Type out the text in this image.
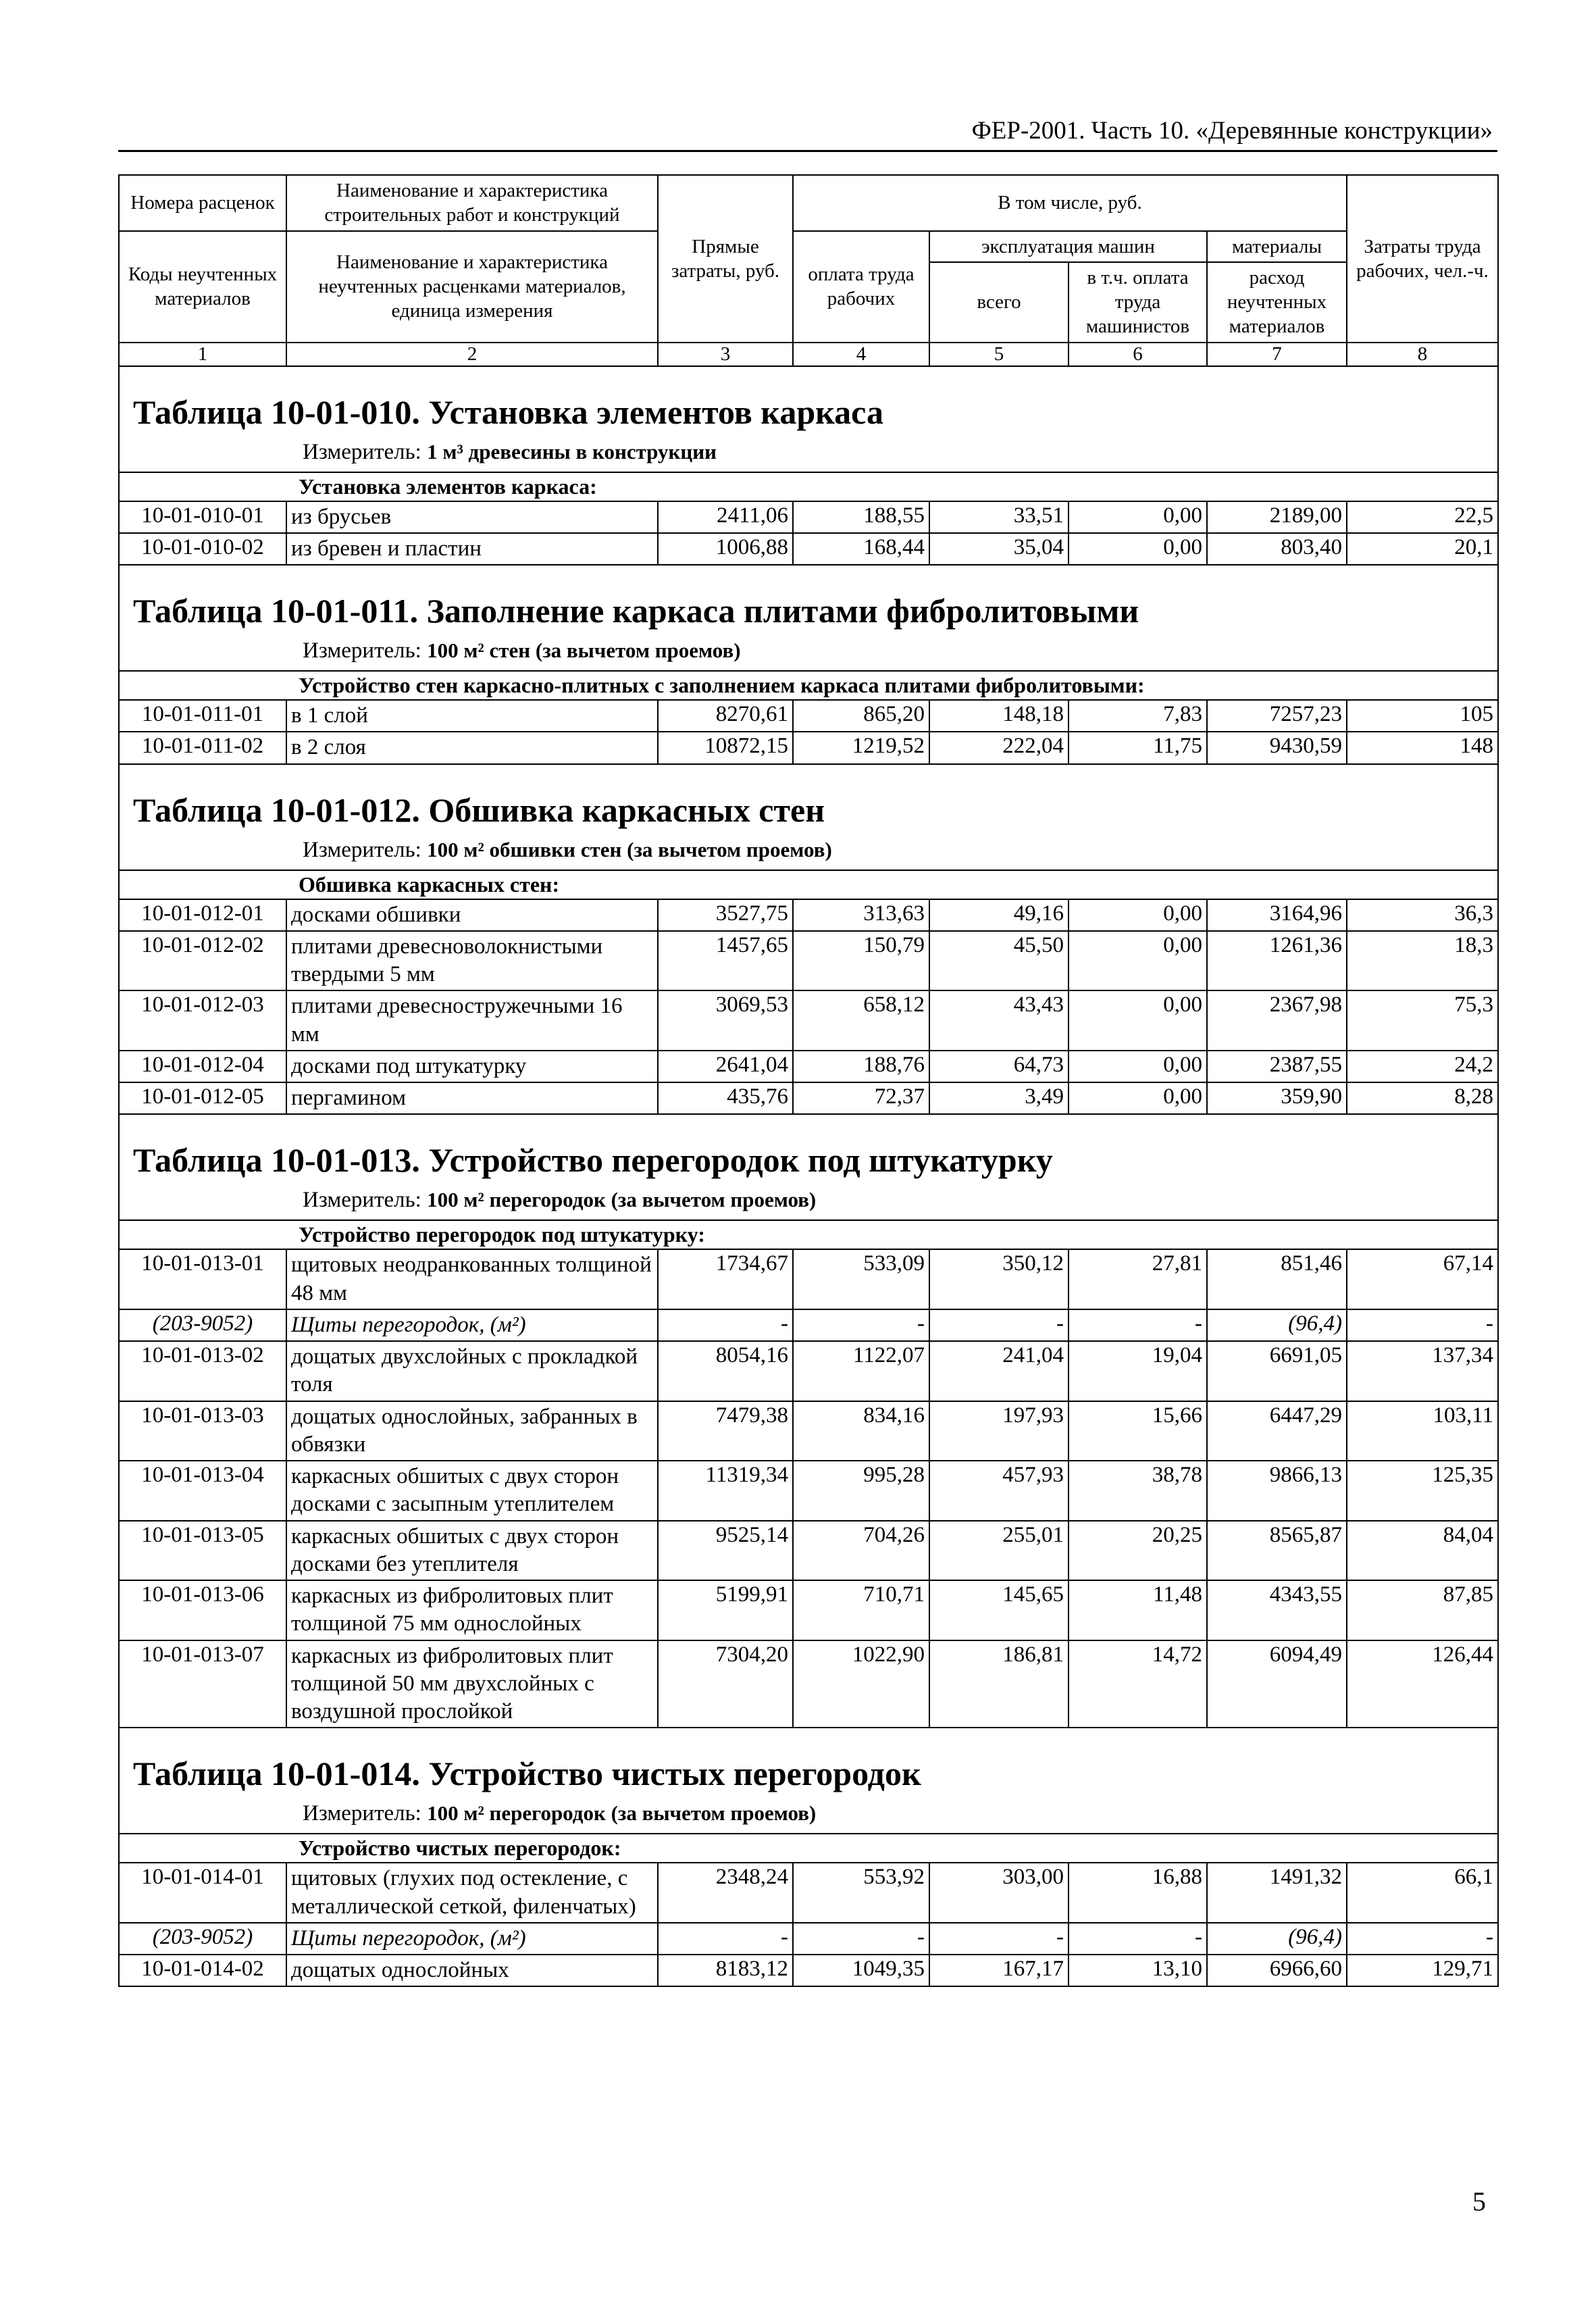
ФЕР-2001. Часть 10. «Деревянные конструкции»
Номера расценок	Наименование и характеристика строительных работ и конструкций	Прямые затраты, руб.	В том числе, руб.				Затраты труда рабочих, чел.-ч.
Коды неучтенных материалов	Наименование и характеристика неучтенных расценками материалов, единица измерения		оплата труда рабочих	эксплуатация машин		материалы	
				всего	в т.ч. оплата труда машинистов	расход неучтенных материалов	
1	2	3	4	5	6	7	8
Таблица 10-01-010. Установка элементов каркаса							
Измеритель: 1 м³ древесины в конструкции							
Установка элементов каркаса:							
10-01-010-01	из брусьев	2411,06	188,55	33,51	0,00	2189,00	22,5
10-01-010-02	из бревен и пластин	1006,88	168,44	35,04	0,00	803,40	20,1
Таблица 10-01-011. Заполнение каркаса плитами фибролитовыми							
Измеритель: 100 м² стен (за вычетом проемов)							
Устройство стен каркасно-плитных с заполнением каркаса плитами фибролитовыми:							
10-01-011-01	в 1 слой	8270,61	865,20	148,18	7,83	7257,23	105
10-01-011-02	в 2 слоя	10872,15	1219,52	222,04	11,75	9430,59	148
Таблица 10-01-012. Обшивка каркасных стен							
Измеритель: 100 м² обшивки стен (за вычетом проемов)							
Обшивка каркасных стен:							
10-01-012-01	досками обшивки	3527,75	313,63	49,16	0,00	3164,96	36,3
10-01-012-02	плитами древесноволокнистыми твердыми 5 мм	1457,65	150,79	45,50	0,00	1261,36	18,3
10-01-012-03	плитами древесностружечными 16 мм	3069,53	658,12	43,43	0,00	2367,98	75,3
10-01-012-04	досками под штукатурку	2641,04	188,76	64,73	0,00	2387,55	24,2
10-01-012-05	пергамином	435,76	72,37	3,49	0,00	359,90	8,28
Таблица 10-01-013. Устройство перегородок под штукатурку							
Измеритель: 100 м² перегородок (за вычетом проемов)							
Устройство перегородок под штукатурку:							
10-01-013-01	щитовых неодранкованных толщиной 48 мм	1734,67	533,09	350,12	27,81	851,46	67,14
(203-9052)	Щиты перегородок, (м²)	-	-	-	-	(96,4)	-
10-01-013-02	дощатых двухслойных с прокладкой толя	8054,16	1122,07	241,04	19,04	6691,05	137,34
10-01-013-03	дощатых однослойных, забранных в обвязки	7479,38	834,16	197,93	15,66	6447,29	103,11
10-01-013-04	каркасных обшитых с двух сторон досками с засыпным утеплителем	11319,34	995,28	457,93	38,78	9866,13	125,35
10-01-013-05	каркасных обшитых с двух сторон досками без утеплителя	9525,14	704,26	255,01	20,25	8565,87	84,04
10-01-013-06	каркасных из фибролитовых плит толщиной 75 мм однослойных	5199,91	710,71	145,65	11,48	4343,55	87,85
10-01-013-07	каркасных из фибролитовых плит толщиной 50 мм двухслойных с воздушной прослойкой	7304,20	1022,90	186,81	14,72	6094,49	126,44
Таблица 10-01-014. Устройство чистых перегородок							
Измеритель: 100 м² перегородок (за вычетом проемов)							
Устройство чистых перегородок:							
10-01-014-01	щитовых (глухих под остекление, с металлической сеткой, филенчатых)	2348,24	553,92	303,00	16,88	1491,32	66,1
(203-9052)	Щиты перегородок, (м²)	-	-	-	-	(96,4)	-
10-01-014-02	дощатых однослойных	8183,12	1049,35	167,17	13,10	6966,60	129,71
5
